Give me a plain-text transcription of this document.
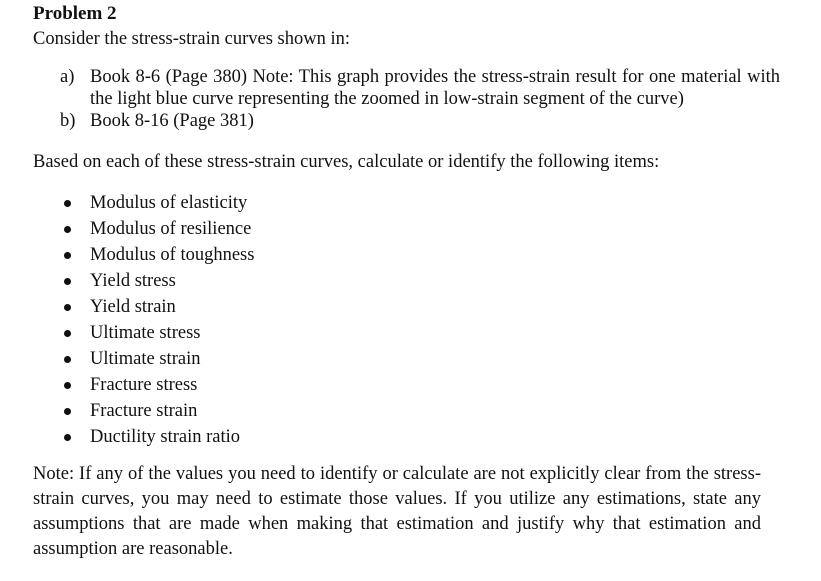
Problem 2
Consider the stress-strain curves shown in:
a) Book 8-6 (Page 380) Note: This graph provides the stress-strain result for one material with the light blue curve representing the zoomed in low-strain segment of the curve)
b) Book 8-16 (Page 381)
Based on each of these stress-strain curves, calculate or identify the following items:
Modulus of elasticity
Modulus of resilience
Modulus of toughness
Yield stress
Yield strain
Ultimate stress
Ultimate strain
Fracture stress
Fracture strain
Ductility strain ratio
Note: If any of the values you need to identify or calculate are not explicitly clear from the stress-strain curves, you may need to estimate those values. If you utilize any estimations, state any assumptions that are made when making that estimation and justify why that estimation and assumption are reasonable.
